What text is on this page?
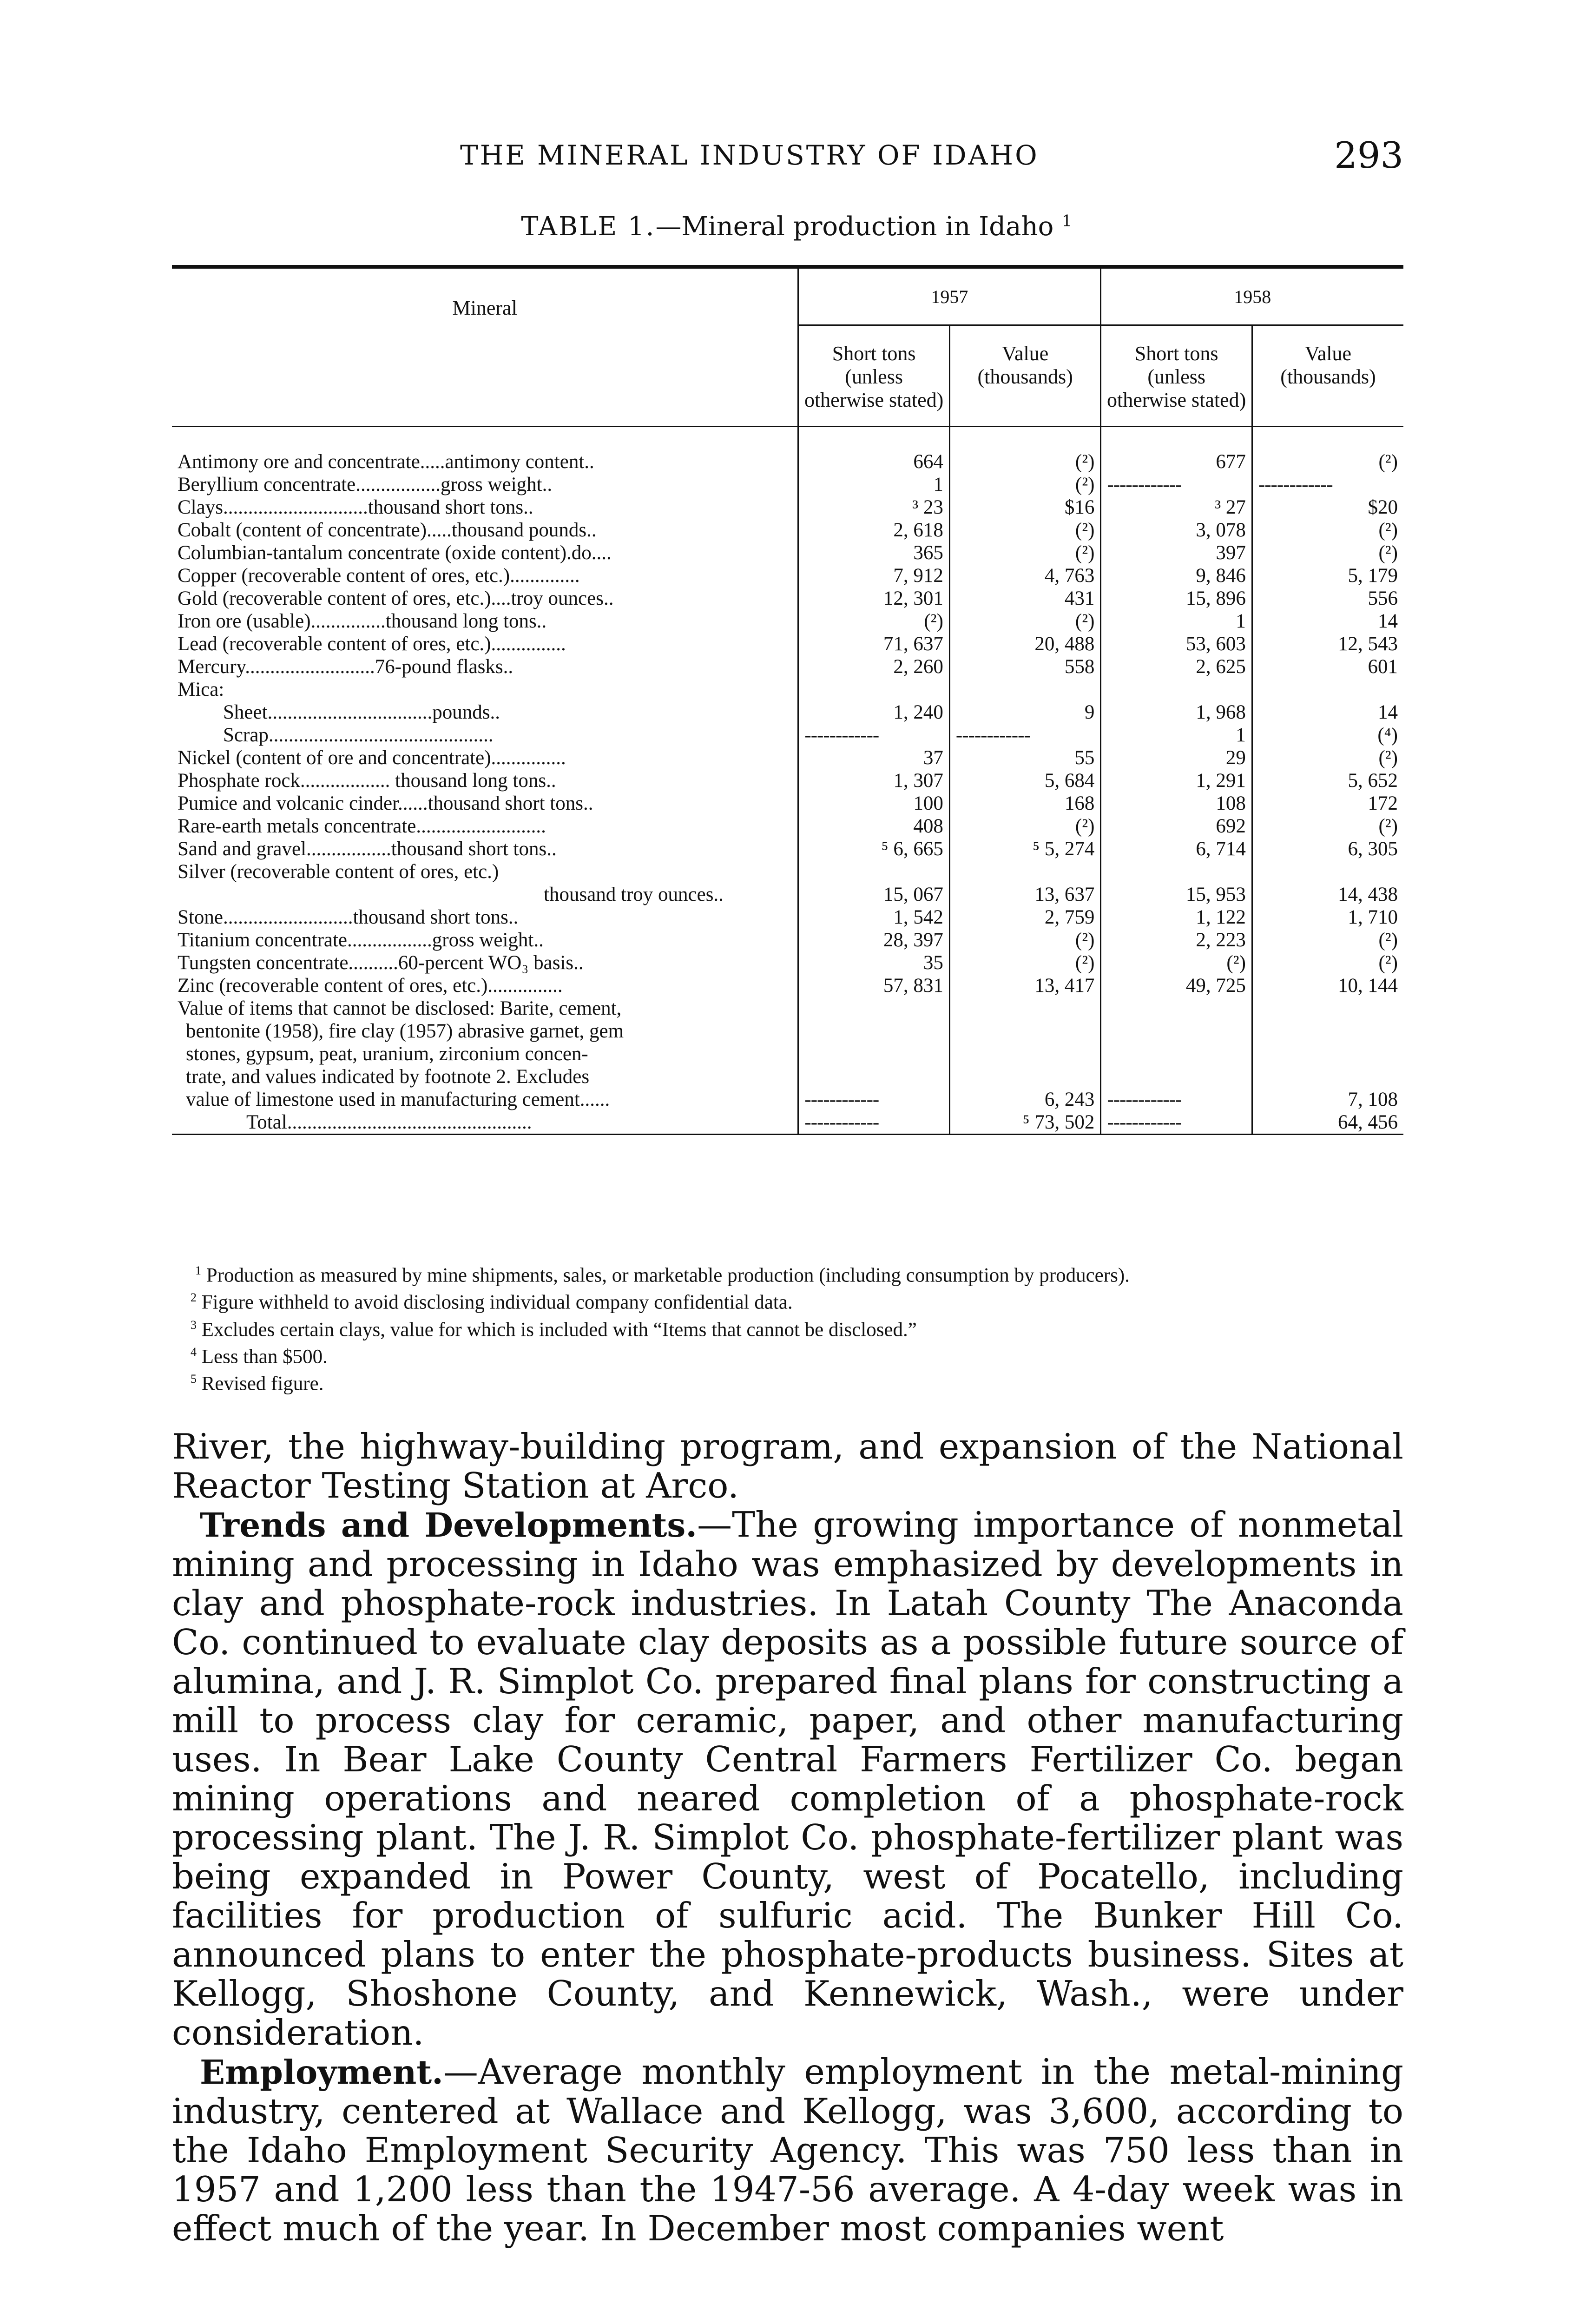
THE MINERAL INDUSTRY OF IDAHO	293
TABLE 1.—Mineral production in Idaho $^1$
Mineral	1957		1958	
	Short tons (unless otherwise stated)	Value (thousands)	Short tons (unless otherwise stated)	Value (thousands)

Antimony ore and concentrate.....antimony content..	664	(²)	677	(²)
Beryllium concentrate.................gross weight..	1	(²)	------------	------------
Clays.............................thousand short tons..	³ 23	$16	³ 27	$20
Cobalt (content of concentrate).....thousand pounds..	2, 618	(²)	3, 078	(²)
Columbian-tantalum concentrate (oxide content).do....	365	(²)	397	(²)
Copper (recoverable content of ores, etc.)..............	7, 912	4, 763	9, 846	5, 179
Gold (recoverable content of ores, etc.)....troy ounces..	12, 301	431	15, 896	556
Iron ore (usable)...............thousand long tons..	(²)	(²)	1	14
Lead (recoverable content of ores, etc.)...............	71, 637	20, 488	53, 603	12, 543
Mercury..........................76-pound flasks..	2, 260	558	2, 625	601
Mica:				
Sheet.................................pounds..	1, 240	9	1, 968	14
Scrap.............................................	------------	------------	1	(⁴)
Nickel (content of ore and concentrate)...............	37	55	29	(²)
Phosphate rock.................. thousand long tons..	1, 307	5, 684	1, 291	5, 652
Pumice and volcanic cinder......thousand short tons..	100	168	108	172
Rare-earth metals concentrate..........................	408	(²)	692	(²)
Sand and gravel.................thousand short tons..	⁵ 6, 665	⁵ 5, 274	6, 714	6, 305
Silver (recoverable content of ores, etc.)				
thousand troy ounces..	15, 067	13, 637	15, 953	14, 438
Stone..........................thousand short tons..	1, 542	2, 759	1, 122	1, 710
Titanium concentrate.................gross weight..	28, 397	(²)	2, 223	(²)
Tungsten concentrate..........60-percent WO₃ basis..	35	(²)	(²)	(²)
Zinc (recoverable content of ores, etc.)...............	57, 831	13, 417	49, 725	10, 144
Value of items that cannot be disclosed: Barite, cement,				
bentonite (1958), fire clay (1957) abrasive garnet, gem				
stones, gypsum, peat, uranium, zirconium concen-				
trate, and values indicated by footnote 2. Excludes				
value of limestone used in manufacturing cement......	------------	6, 243	------------	7, 108
Total.................................................	------------	⁵ 73, 502	------------	64, 456

$^1$ Production as measured by mine shipments, sales, or marketable production (including consumption by producers).

$^2$ Figure withheld to avoid disclosing individual company confidential data.

$^3$ Excludes certain clays, value for which is included with “Items that cannot be disclosed.”

$^4$ Less than $500.

$^5$ Revised figure.

River, the highway-building program, and expansion of the National Reactor Testing Station at Arco.

Trends and Developments.—The growing importance of nonmetal mining and processing in Idaho was emphasized by developments in clay and phosphate-rock industries. In Latah County The Anaconda Co. continued to evaluate clay deposits as a possible future source of alumina, and J. R. Simplot Co. prepared final plans for constructing a mill to process clay for ceramic, paper, and other manufacturing uses. In Bear Lake County Central Farmers Fertilizer Co. began mining operations and neared completion of a phosphate-rock processing plant. The J. R. Simplot Co. phosphate-fertilizer plant was being expanded in Power County, west of Pocatello, including facilities for production of sulfuric acid. The Bunker Hill Co. announced plans to enter the phosphate-products business. Sites at Kellogg, Shoshone County, and Kennewick, Wash., were under consideration.

Employment.—Average monthly employment in the metal-mining industry, centered at Wallace and Kellogg, was 3,600, according to the Idaho Employment Security Agency. This was 750 less than in 1957 and 1,200 less than the 1947-56 average. A 4-day week was in effect much of the year. In December most companies went
